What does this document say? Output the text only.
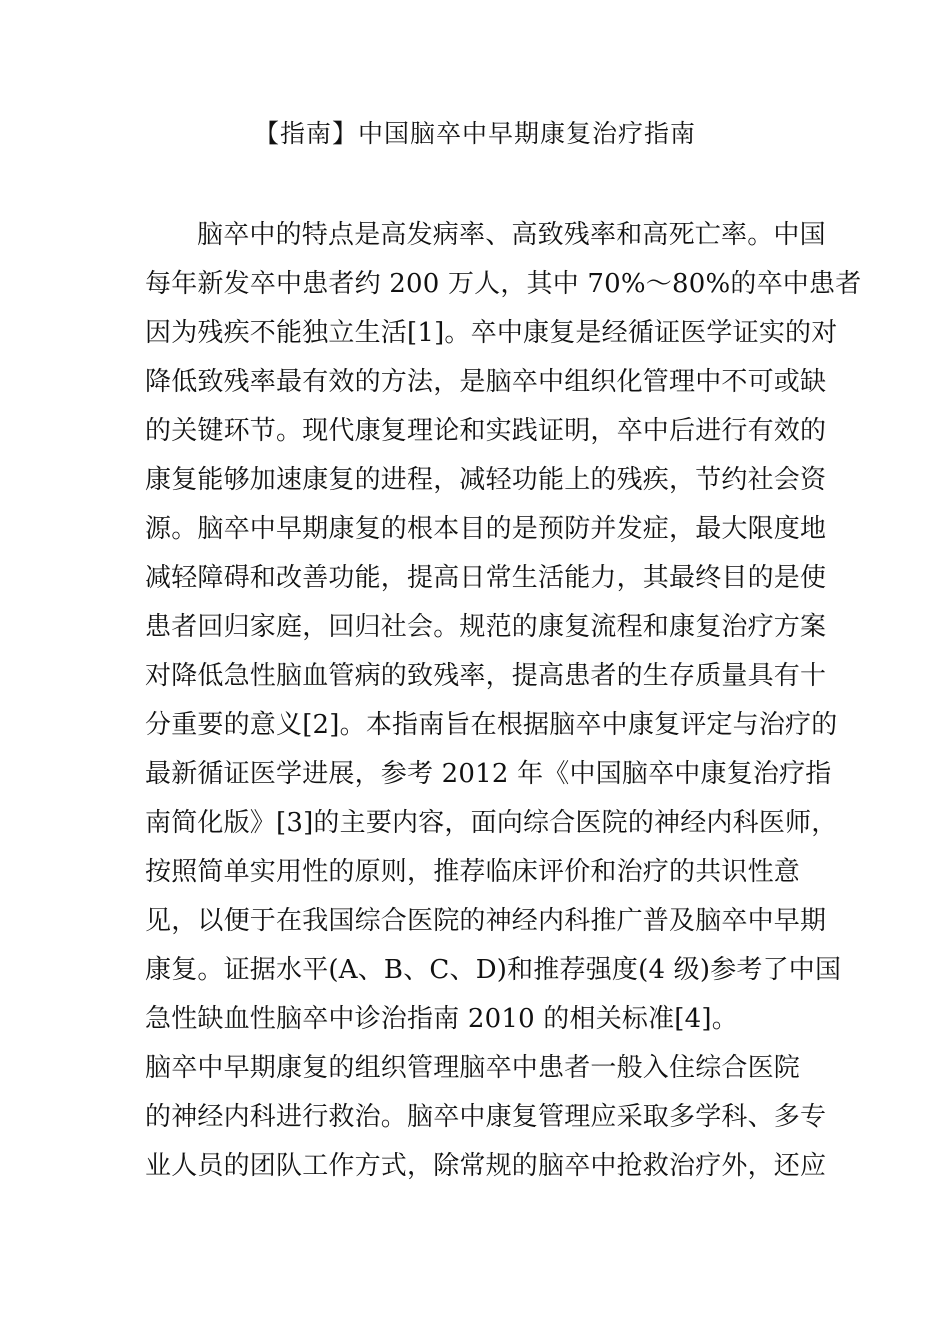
【指南】中国脑卒中早期康复治疗指南
脑卒中的特点是高发病率、高致残率和高死亡率。中国
每年新发卒中患者约 200 万人，其中 70%～80%的卒中患者
因为残疾不能独立生活[1]。卒中康复是经循证医学证实的对
降低致残率最有效的方法，是脑卒中组织化管理中不可或缺
的关键环节。现代康复理论和实践证明，卒中后进行有效的
康复能够加速康复的进程，减轻功能上的残疾，节约社会资
源。脑卒中早期康复的根本目的是预防并发症，最大限度地
减轻障碍和改善功能，提高日常生活能力，其最终目的是使
患者回归家庭，回归社会。规范的康复流程和康复治疗方案
对降低急性脑血管病的致残率，提高患者的生存质量具有十
分重要的意义[2]。本指南旨在根据脑卒中康复评定与治疗的
最新循证医学进展，参考 2012 年《中国脑卒中康复治疗指
南简化版》[3]的主要内容，面向综合医院的神经内科医师，
按照简单实用性的原则，推荐临床评价和治疗的共识性意
见，以便于在我国综合医院的神经内科推广普及脑卒中早期
康复。证据水平(A、B、C、D)和推荐强度(4 级)参考了中国
急性缺血性脑卒中诊治指南 2010 的相关标准[4]。
脑卒中早期康复的组织管理脑卒中患者一般入住综合医院
的神经内科进行救治。脑卒中康复管理应采取多学科、多专
业人员的团队工作方式，除常规的脑卒中抢救治疗外，还应
